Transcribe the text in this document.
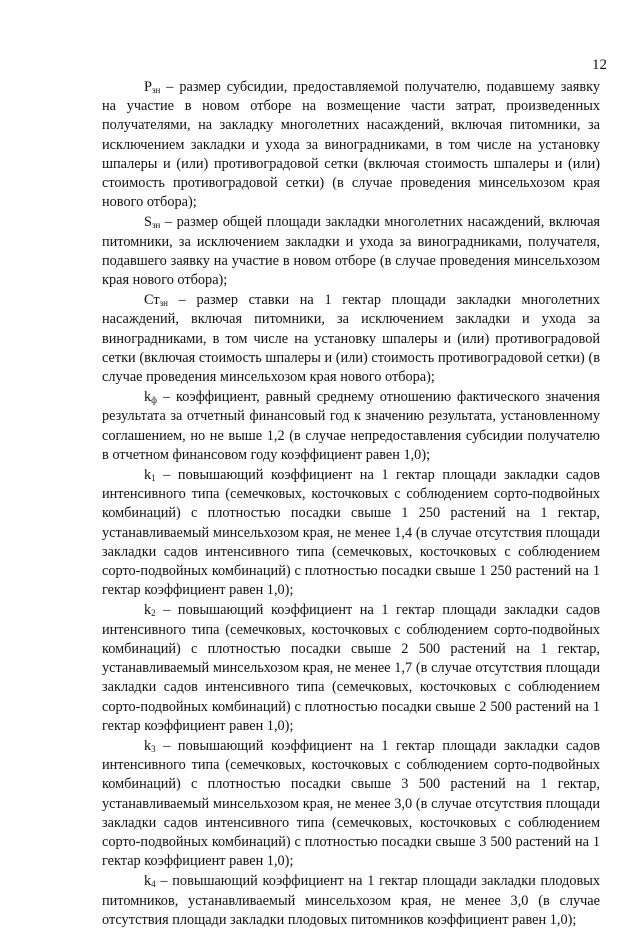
12

$P_{зн}$ – размер субсидии, предоставляемой получателю, подавшему заявку на участие в новом отборе на возмещение части затрат, произведенных получателями, на закладку многолетних насаждений, включая питомники, за исключением закладки и ухода за виноградниками, в том числе на установку шпалеры и (или) противоградовой сетки (включая стоимость шпалеры и (или) стоимость противоградовой сетки) (в случае проведения минсельхозом края нового отбора);

$S_{зн}$ – размер общей площади закладки многолетних насаждений, включая питомники, за исключением закладки и ухода за виноградниками, получателя, подавшего заявку на участие в новом отборе (в случае проведения минсельхозом края нового отбора);

$Ст_{зн}$ – размер ставки на 1 гектар площади закладки многолетних насаждений, включая питомники, за исключением закладки и ухода за виноградниками, в том числе на установку шпалеры и (или) противоградовой сетки (включая стоимость шпалеры и (или) стоимость противоградовой сетки) (в случае проведения минсельхозом края нового отбора);

$k_ф$ – коэффициент, равный среднему отношению фактического значения результата за отчетный финансовый год к значению результата, установленному соглашением, но не выше 1,2 (в случае непредоставления субсидии получателю в отчетном финансовом году коэффициент равен 1,0);

$k_1$ – повышающий коэффициент на 1 гектар площади закладки садов интенсивного типа (семечковых, косточковых с соблюдением сорто-подвойных комбинаций) с плотностью посадки свыше 1 250 растений на 1 гектар, устанавливаемый минсельхозом края, не менее 1,4 (в случае отсутствия площади закладки садов интенсивного типа (семечковых, косточковых с соблюдением сорто-подвойных комбинаций) с плотностью посадки свыше 1 250 растений на 1 гектар коэффициент равен 1,0);

$k_2$ – повышающий коэффициент на 1 гектар площади закладки садов интенсивного типа (семечковых, косточковых с соблюдением сорто-подвойных комбинаций) с плотностью посадки свыше 2 500 растений на 1 гектар, устанавливаемый минсельхозом края, не менее 1,7 (в случае отсутствия площади закладки садов интенсивного типа (семечковых, косточковых с соблюдением сорто-подвойных комбинаций) с плотностью посадки свыше 2 500 растений на 1 гектар коэффициент равен 1,0);

$k_3$ – повышающий коэффициент на 1 гектар площади закладки садов интенсивного типа (семечковых, косточковых с соблюдением сорто-подвойных комбинаций) с плотностью посадки свыше 3 500 растений на 1 гектар, устанавливаемый минсельхозом края, не менее 3,0 (в случае отсутствия площади закладки садов интенсивного типа (семечковых, косточковых с соблюдением сорто-подвойных комбинаций) с плотностью посадки свыше 3 500 растений на 1 гектар коэффициент равен 1,0);

$k_4$ – повышающий коэффициент на 1 гектар площади закладки плодовых питомников, устанавливаемый минсельхозом края, не менее 3,0 (в случае отсутствия площади закладки плодовых питомников коэффициент равен 1,0);
